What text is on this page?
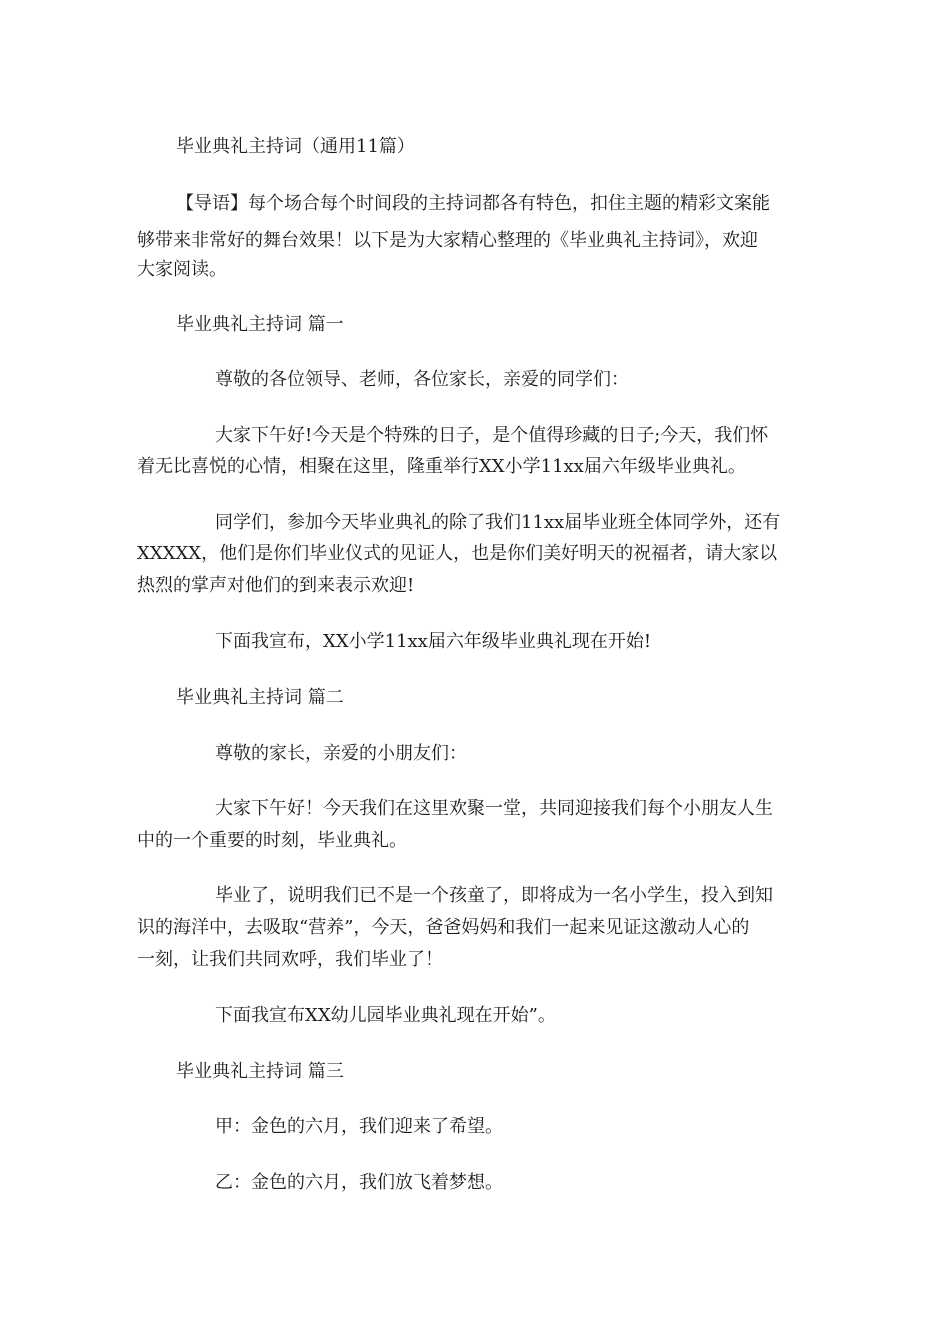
毕业典礼主持词（通用11篇）

【导语】每个场合每个时间段的主持词都各有特色，扣住主题的精彩文案能

够带来非常好的舞台效果！以下是为大家精心整理的《毕业典礼主持词》，欢迎

大家阅读。

毕业典礼主持词 篇一

尊敬的各位领导、老师，各位家长，亲爱的同学们：

大家下午好!今天是个特殊的日子，是个值得珍藏的日子;今天，我们怀

着无比喜悦的心情，相聚在这里，隆重举行XX小学11xx届六年级毕业典礼。

同学们，参加今天毕业典礼的除了我们11xx届毕业班全体同学外，还有

XXXXX，他们是你们毕业仪式的见证人，也是你们美好明天的祝福者，请大家以

热烈的掌声对他们的到来表示欢迎!

下面我宣布，XX小学11xx届六年级毕业典礼现在开始!

毕业典礼主持词 篇二

尊敬的家长，亲爱的小朋友们：

大家下午好！今天我们在这里欢聚一堂，共同迎接我们每个小朋友人生

中的一个重要的时刻，毕业典礼。

毕业了，说明我们已不是一个孩童了，即将成为一名小学生，投入到知

识的海洋中，去吸取“营养”，今天，爸爸妈妈和我们一起来见证这激动人心的

一刻，让我们共同欢呼，我们毕业了！

下面我宣布XX幼儿园毕业典礼现在开始”。

毕业典礼主持词 篇三

甲：金色的六月，我们迎来了希望。

乙：金色的六月，我们放飞着梦想。
